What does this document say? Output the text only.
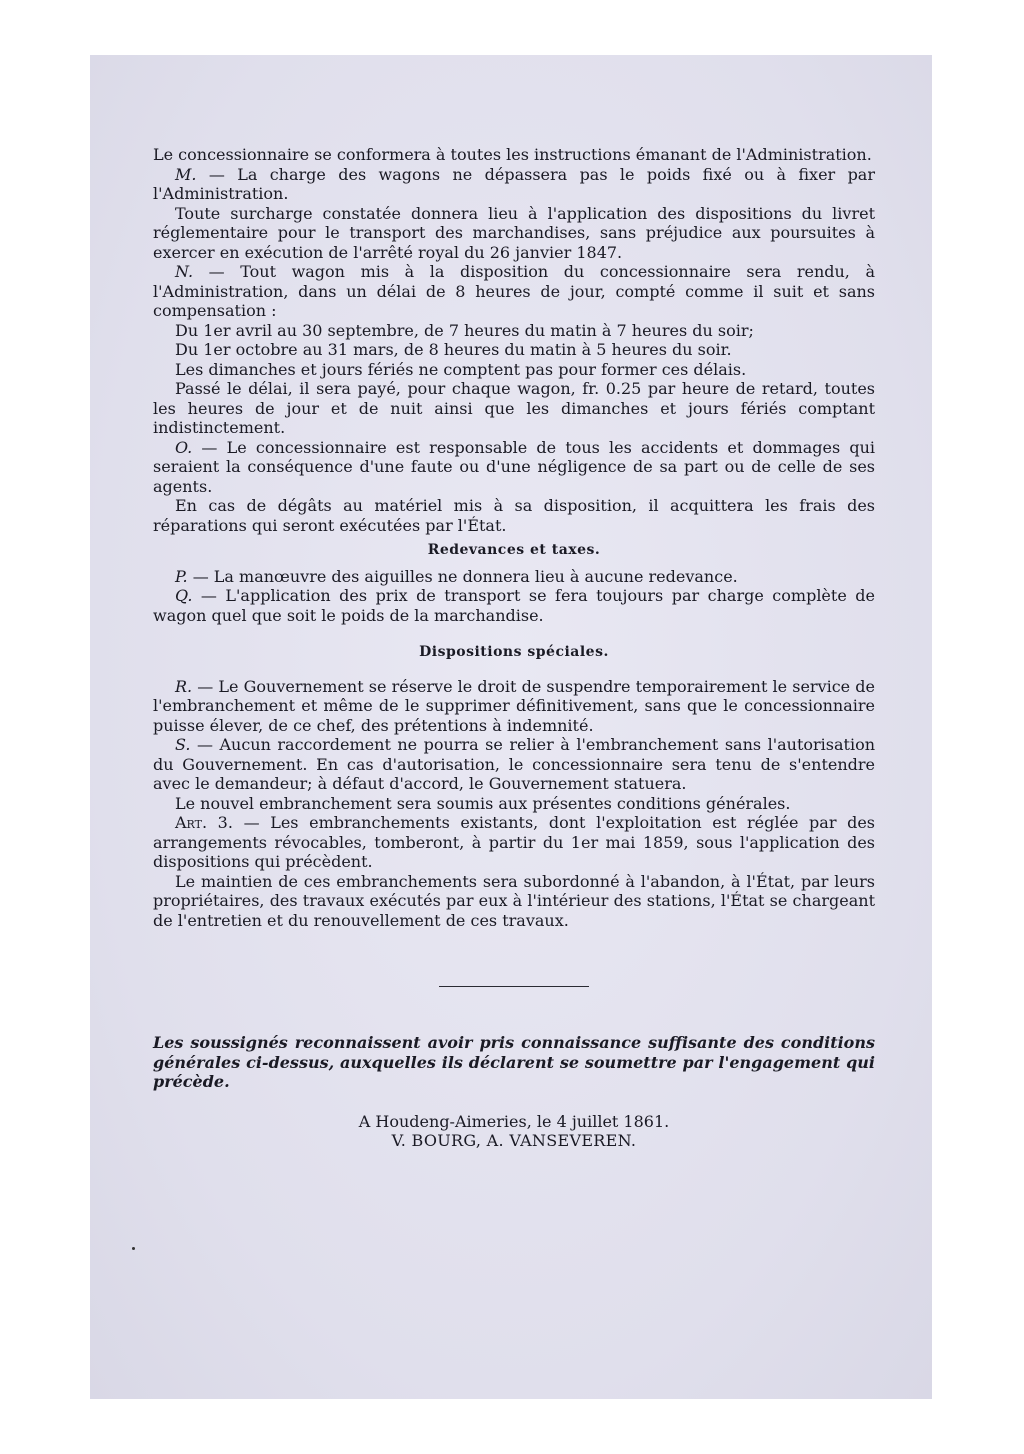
Le concessionnaire se conformera à toutes les instructions émanant de l'Administration.

M. — La charge des wagons ne dépassera pas le poids fixé ou à fixer par l'Administration.

Toute surcharge constatée donnera lieu à l'application des dispositions du livret réglementaire pour le transport des marchandises, sans préjudice aux poursuites à exercer en exécution de l'arrêté royal du 26 janvier 1847.

N. — Tout wagon mis à la disposition du concessionnaire sera rendu, à l'Administration, dans un délai de 8 heures de jour, compté comme il suit et sans compensation :

Du 1er avril au 30 septembre, de 7 heures du matin à 7 heures du soir;

Du 1er octobre au 31 mars, de 8 heures du matin à 5 heures du soir.

Les dimanches et jours fériés ne comptent pas pour former ces délais.

Passé le délai, il sera payé, pour chaque wagon, fr. 0.25 par heure de retard, toutes les heures de jour et de nuit ainsi que les dimanches et jours fériés comptant indistinctement.

O. — Le concessionnaire est responsable de tous les accidents et dommages qui seraient la conséquence d'une faute ou d'une négligence de sa part ou de celle de ses agents.

En cas de dégâts au matériel mis à sa disposition, il acquittera les frais des réparations qui seront exécutées par l'État.

Redevances et taxes.

P. — La manœuvre des aiguilles ne donnera lieu à aucune redevance.

Q. — L'application des prix de transport se fera toujours par charge complète de wagon quel que soit le poids de la marchandise.

Dispositions spéciales.

R. — Le Gouvernement se réserve le droit de suspendre temporairement le service de l'embranchement et même de le supprimer définitivement, sans que le concessionnaire puisse élever, de ce chef, des prétentions à indemnité.

S. — Aucun raccordement ne pourra se relier à l'embranchement sans l'autorisation du Gouvernement. En cas d'autorisation, le concessionnaire sera tenu de s'entendre avec le demandeur; à défaut d'accord, le Gouvernement statuera.

Le nouvel embranchement sera soumis aux présentes conditions générales.

Art. 3. — Les embranchements existants, dont l'exploitation est réglée par des arrangements révocables, tomberont, à partir du 1er mai 1859, sous l'application des dispositions qui précèdent.

Le maintien de ces embranchements sera subordonné à l'abandon, à l'État, par leurs propriétaires, des travaux exécutés par eux à l'intérieur des stations, l'État se chargeant de l'entretien et du renouvellement de ces travaux.

Les soussignés reconnaissent avoir pris connaissance suffisante des conditions générales ci-dessus, auxquelles ils déclarent se soumettre par l'engagement qui précède.

A Houdeng-Aimeries, le 4 juillet 1861.

V. BOURG, A. VANSEVEREN.
